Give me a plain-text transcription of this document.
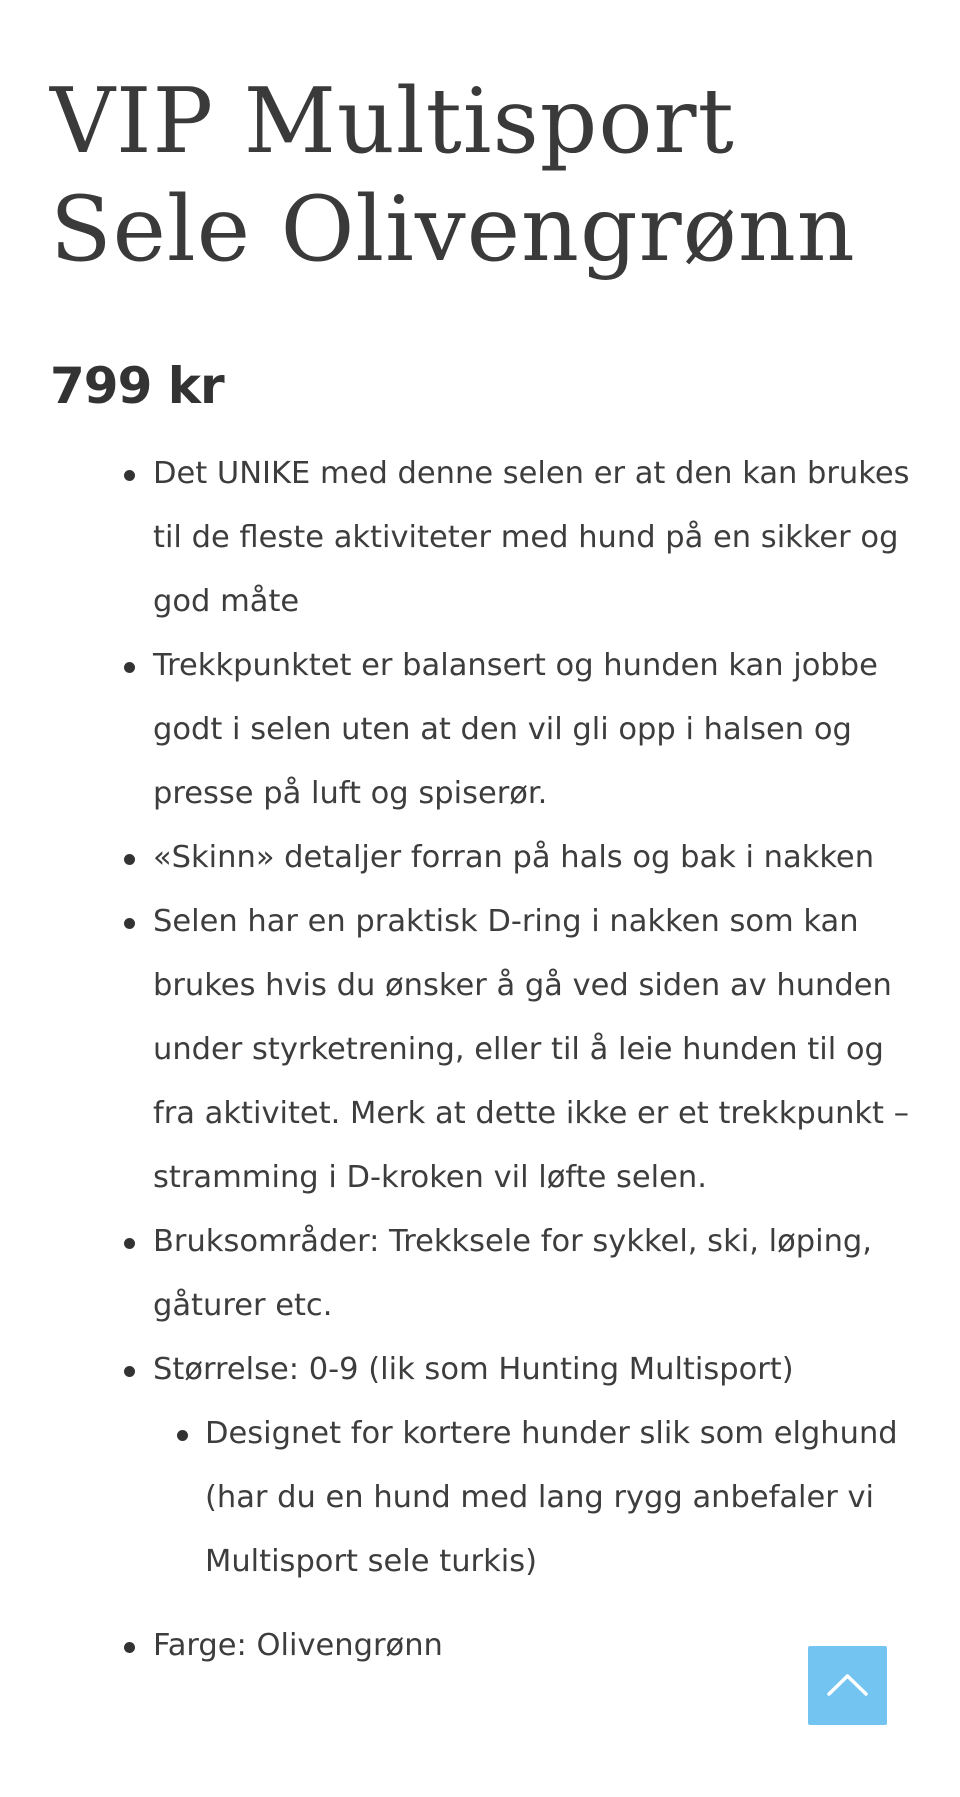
VIP Multisport
Sele Olivengrønn
799 kr
Det UNIKE med denne selen er at den kan brukes til de fleste aktiviteter med hund på en sikker og god måte
Trekkpunktet er balansert og hunden kan jobbe godt i selen uten at den vil gli opp i halsen og presse på luft og spiserør.
«Skinn» detaljer forran på hals og bak i nakken
Selen har en praktisk D-ring i nakken som kan brukes hvis du ønsker å gå ved siden av hunden under styrketrening, eller til å leie hunden til og fra aktivitet. Merk at dette ikke er et trekkpunkt – stramming i D-kroken vil løfte selen.
Bruksområder: Trekksele for sykkel, ski, løping, gåturer etc.
Størrelse: 0-9 (lik som Hunting Multisport)
Designet for kortere hunder slik som elghund (har du en hund med lang rygg anbefaler vi Multisport sele turkis)
Farge: Olivengrønn
